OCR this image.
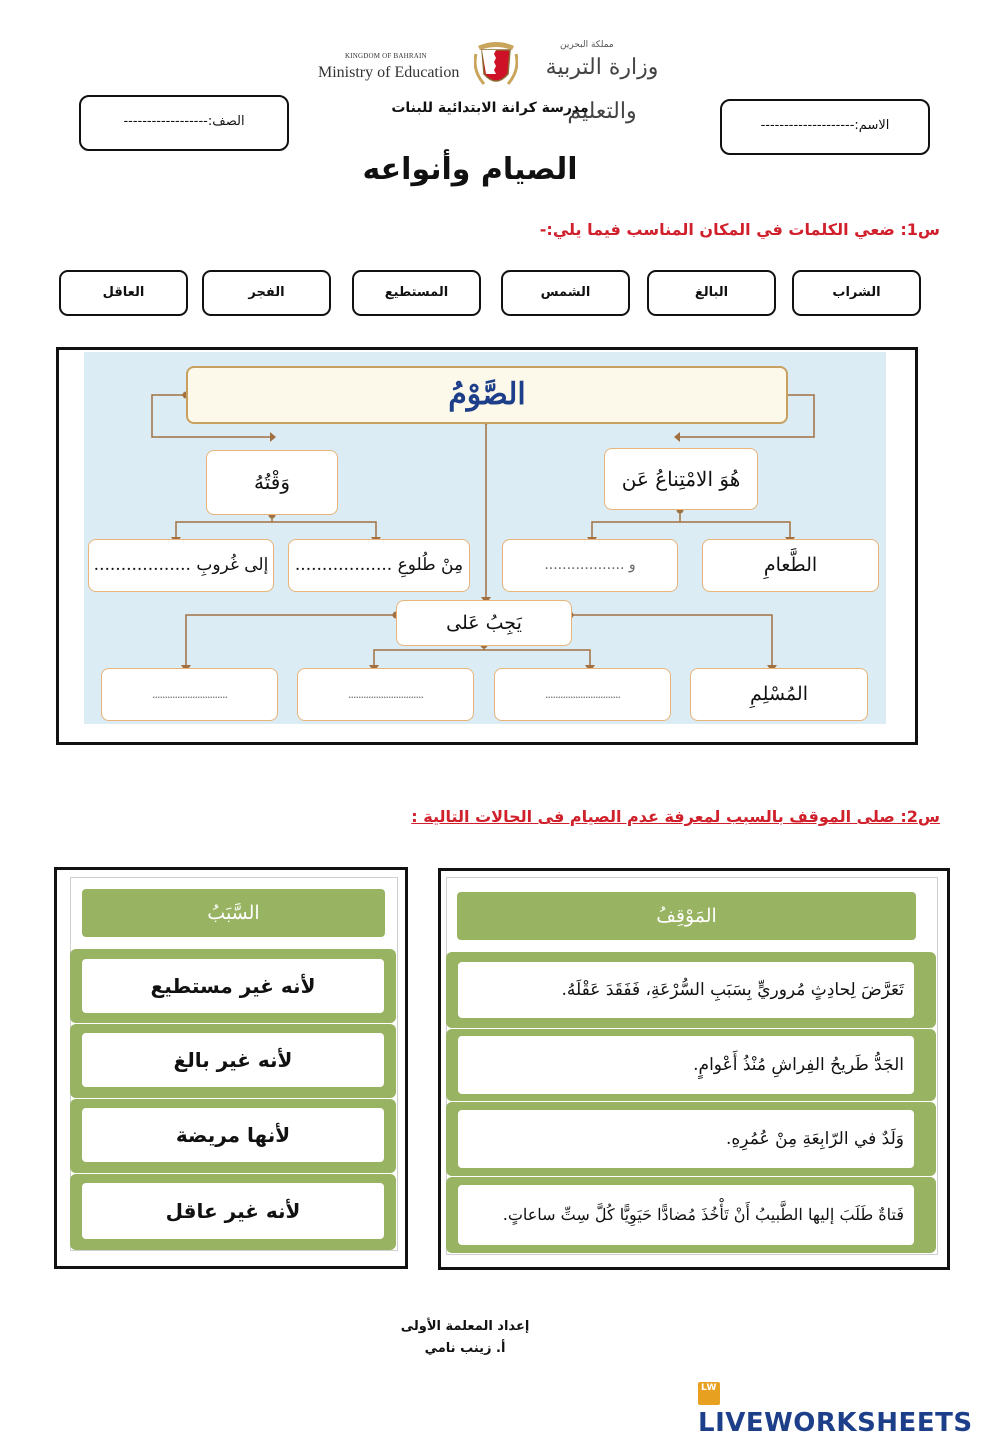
KINGDOM OF BAHRAIN
Ministry of Education
مملكة البحرين
وزارة التربية والتعليم
الاسم:--------------------
الصف:------------------
مدرسة كرانة الابتدائية للبنات
الصيام وأنواعه
س1: ضعي الكلمات في المكان المناسب فيما يلي:-
الشراب
البالغ
الشمس
المستطيع
الفجر
العاقل
الصَّوْمُ
هُوَ الامْتِناعُ عَن
وَقْتُهُ
الطَّعامِ
و ..................
مِنْ طُلوعِ ..................
إلى غُروبِ ..................
يَجِبُ عَلى
المُسْلِمِ
..............................
..............................
..............................
س2: صلى الموقف بالسبب لمعرفة عدم الصيام فى الحالات التالية :
السَّبَبُ
لأنه غير مستطيع
لأنه غير بالغ
لأنها مريضة
لأنه غير عاقل
المَوْقِفُ
تَعَرَّضَ لِحادِثٍ مُروريٍّ بِسَبَبِ السُّرْعَةِ، فَفَقَدَ عَقْلَهُ.
الجَدُّ طَريحُ الفِراشِ مُنْذُ أَعْوامٍ.
وَلَدٌ في الرّابِعَةِ مِنْ عُمُرِهِ.
فَتاةٌ طَلَبَ إليها الطَّبيبُ أَنْ تَأْخُذَ مُضادًّا حَيَوِيًّا كُلَّ سِتِّ ساعاتٍ.
إعداد المعلمة الأولى
أ. زينب نامي
LW LIVEWORKSHEETS
